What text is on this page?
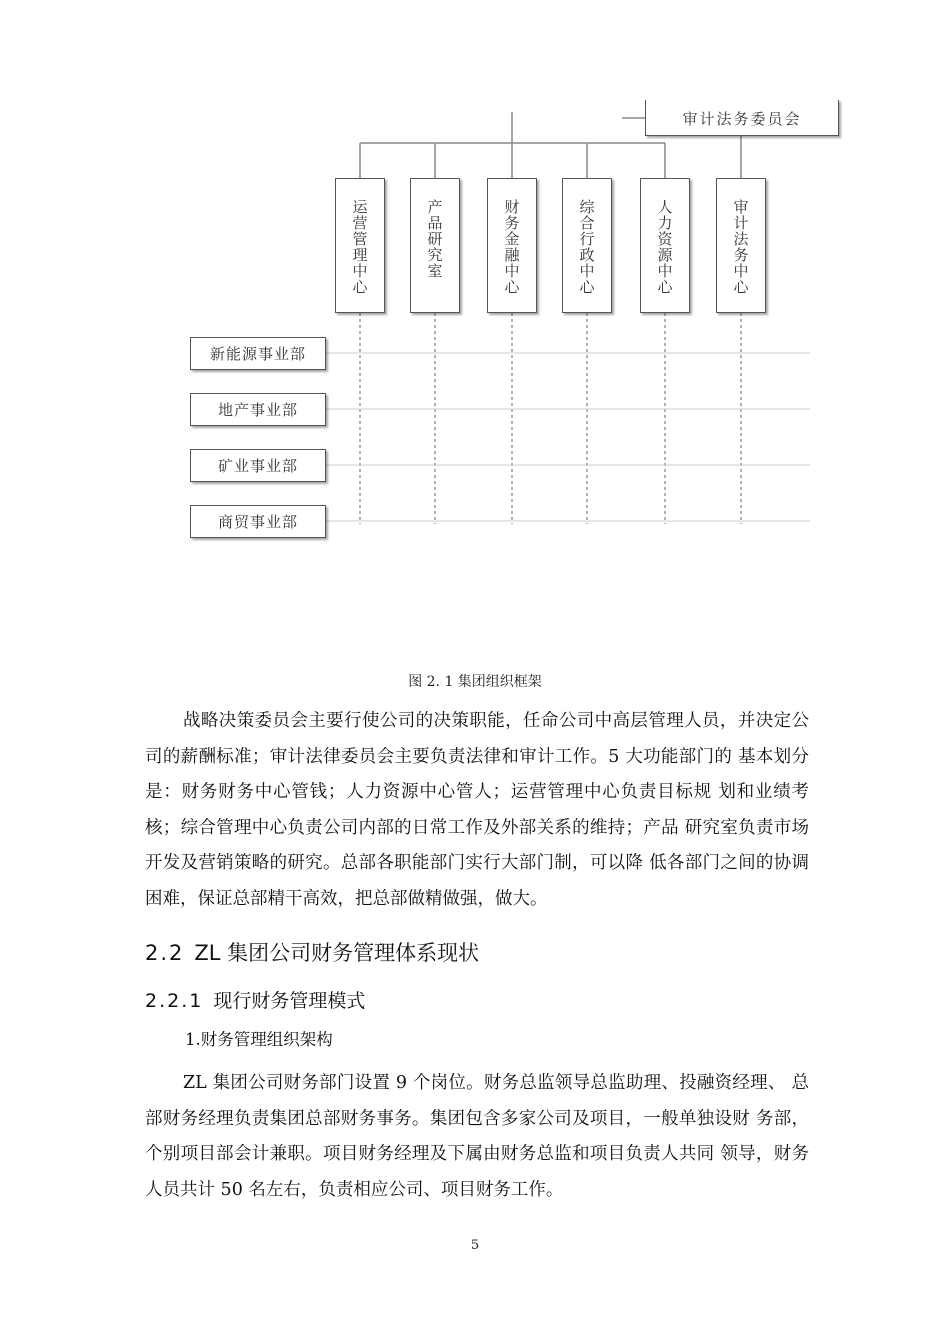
审计法务委员会
运营管理中心	产品研究室	财务金融中心	综合行政中心	人力资源中心	审计法务中心
新能源事业部
地产事业部
矿业事业部
商贸事业部
图 2. 1 集团组织框架

战略决策委员会主要行使公司的决策职能，任命公司中高层管理人员，并决定公司的薪酬标准；审计法律委员会主要负责法律和审计工作。5 大功能部门的 基本划分是：财务财务中心管钱；人力资源中心管人；运营管理中心负责目标规 划和业绩考核；综合管理中心负责公司内部的日常工作及外部关系的维持；产品 研究室负责市场开发及营销策略的研究。总部各职能部门实行大部门制，可以降 低各部门之间的协调困难，保证总部精干高效，把总部做精做强，做大。

2.2 ZL 集团公司财务管理体系现状
2.2.1 现行财务管理模式

1.财务管理组织架构

ZL 集团公司财务部门设置 9 个岗位。财务总监领导总监助理、投融资经理、 总部财务经理负责集团总部财务事务。集团包含多家公司及项目，一般单独设财 务部，个别项目部会计兼职。项目财务经理及下属由财务总监和项目负责人共同 领导，财务人员共计 50 名左右，负责相应公司、项目财务工作。

5
